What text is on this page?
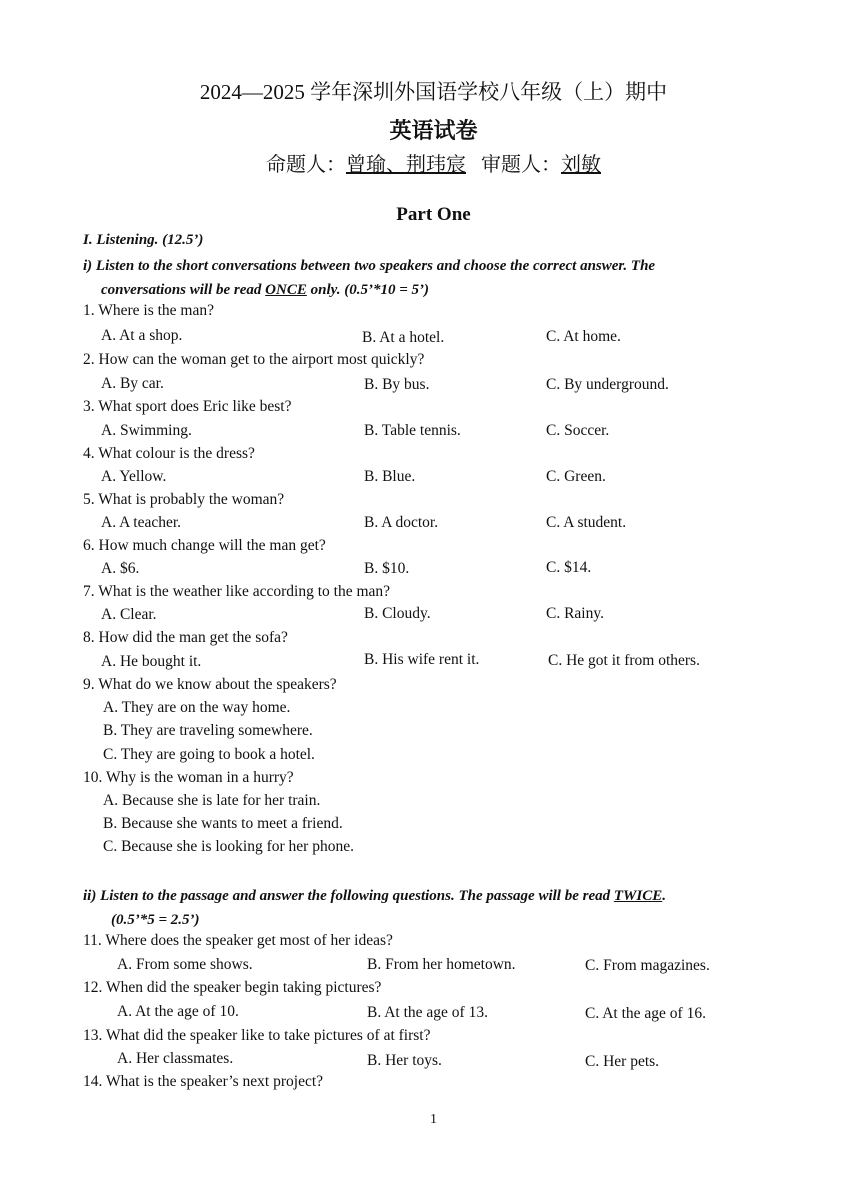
2024—2025 学年深圳外国语学校八年级（上）期中
英语试卷
命题人：曾瑜、荆玮宸 审题人：刘敏
Part One
I. Listening. (12.5’)
i) Listen to the short conversations between two speakers and choose the correct answer. The
conversations will be read ONCE only. (0.5’*10 = 5’)
1. Where is the man?
A. At a shop.	B. At a hotel.	C. At home.
2. How can the woman get to the airport most quickly?
A. By car.	B. By bus.	C. By underground.
3. What sport does Eric like best?
A. Swimming.	B. Table tennis.	C. Soccer.
4. What colour is the dress?
A. Yellow.	B. Blue.	C. Green.
5. What is probably the woman?
A. A teacher.	B. A doctor.	C. A student.
6. How much change will the man get?
A. $6.	B. $10.	C. $14.
7. What is the weather like according to the man?
A. Clear.	B. Cloudy.	C. Rainy.
8. How did the man get the sofa?
A. He bought it.	B. His wife rent it.	C. He got it from others.
9. What do we know about the speakers?
A. They are on the way home.
B. They are traveling somewhere.
C. They are going to book a hotel.
10. Why is the woman in a hurry?
A. Because she is late for her train.
B. Because she wants to meet a friend.
C. Because she is looking for her phone.
ii) Listen to the passage and answer the following questions. The passage will be read TWICE.
(0.5’*5 = 2.5’)
11. Where does the speaker get most of her ideas?
A. From some shows.	B. From her hometown.	C. From magazines.
12. When did the speaker begin taking pictures?
A. At the age of 10.	B. At the age of 13.	C. At the age of 16.
13. What did the speaker like to take pictures of at first?
A. Her classmates.	B. Her toys.	C. Her pets.
14. What is the speaker’s next project?
1
